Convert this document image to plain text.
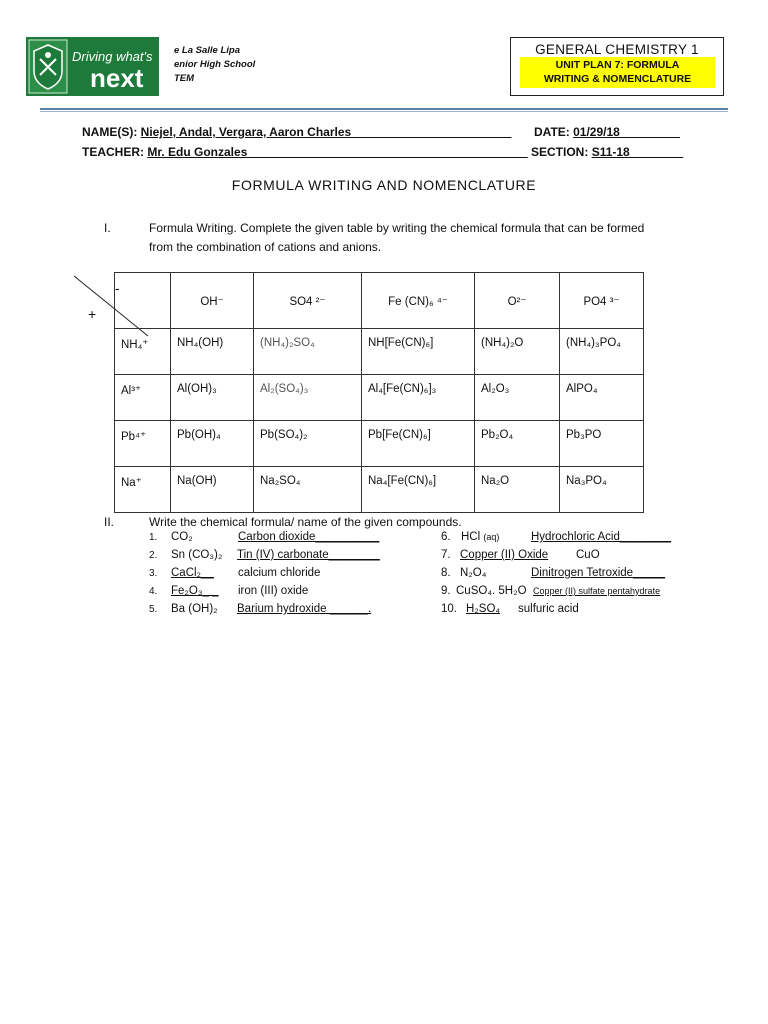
Driving what's
next
e La Salle Lipa
enior High School
TEM
GENERAL CHEMISTRY 1
UNIT PLAN 7: FORMULA
WRITING & NOMENCLATURE
NAME(S): Niejel, Andal, Vergara, Aaron Charles________________________ DATE: 01/29/18_________
TEACHER: Mr. Edu Gonzales__________________________________________ SECTION: S11-18________
FORMULA WRITING AND NOMENCLATURE
I.	Formula Writing. Complete the given table by writing the chemical formula that can be formed
from the combination of cations and anions.
-
+
	OH⁻	SO4 ²⁻	Fe (CN)₆ ⁴⁻	O²⁻	PO4 ³⁻
NH₄⁺	NH₄(OH)	(NH₄)₂SO₄	NH[Fe(CN)₆]	(NH₄)₂O	(NH₄)₃PO₄
Al³⁺	Al(OH)₃	Al₂(SO₄)₃	Al₄[Fe(CN)₆]₃	Al₂O₃	AlPO₄
Pb⁴⁺	Pb(OH)₄	Pb(SO₄)₂	Pb[Fe(CN)₆]	Pb₂O₄	Pb₃PO
Na⁺	Na(OH)	Na₂SO₄	Na₄[Fe(CN)₆]	Na₂O	Na₃PO₄
II.	Write the chemical formula/ name of the given compounds.
1. CO₂	Carbon dioxide__________
2. Sn (CO₃)₂ Tin (IV) carbonate________
3. CaCl₂__ calcium chloride
4. Fe₂O₃_ _ iron (III) oxide
5. Ba (OH)₂ Barium hydroxide ______.
6. HCl (aq)	Hydrochloric Acid________
7. Copper (II) Oxide CuO
8. N₂O₄	Dinitrogen Tetroxide_____
9. CuSO₄. 5H₂O Copper (II) sulfate pentahydrate
10. H₂SO₄ sulfuric acid
